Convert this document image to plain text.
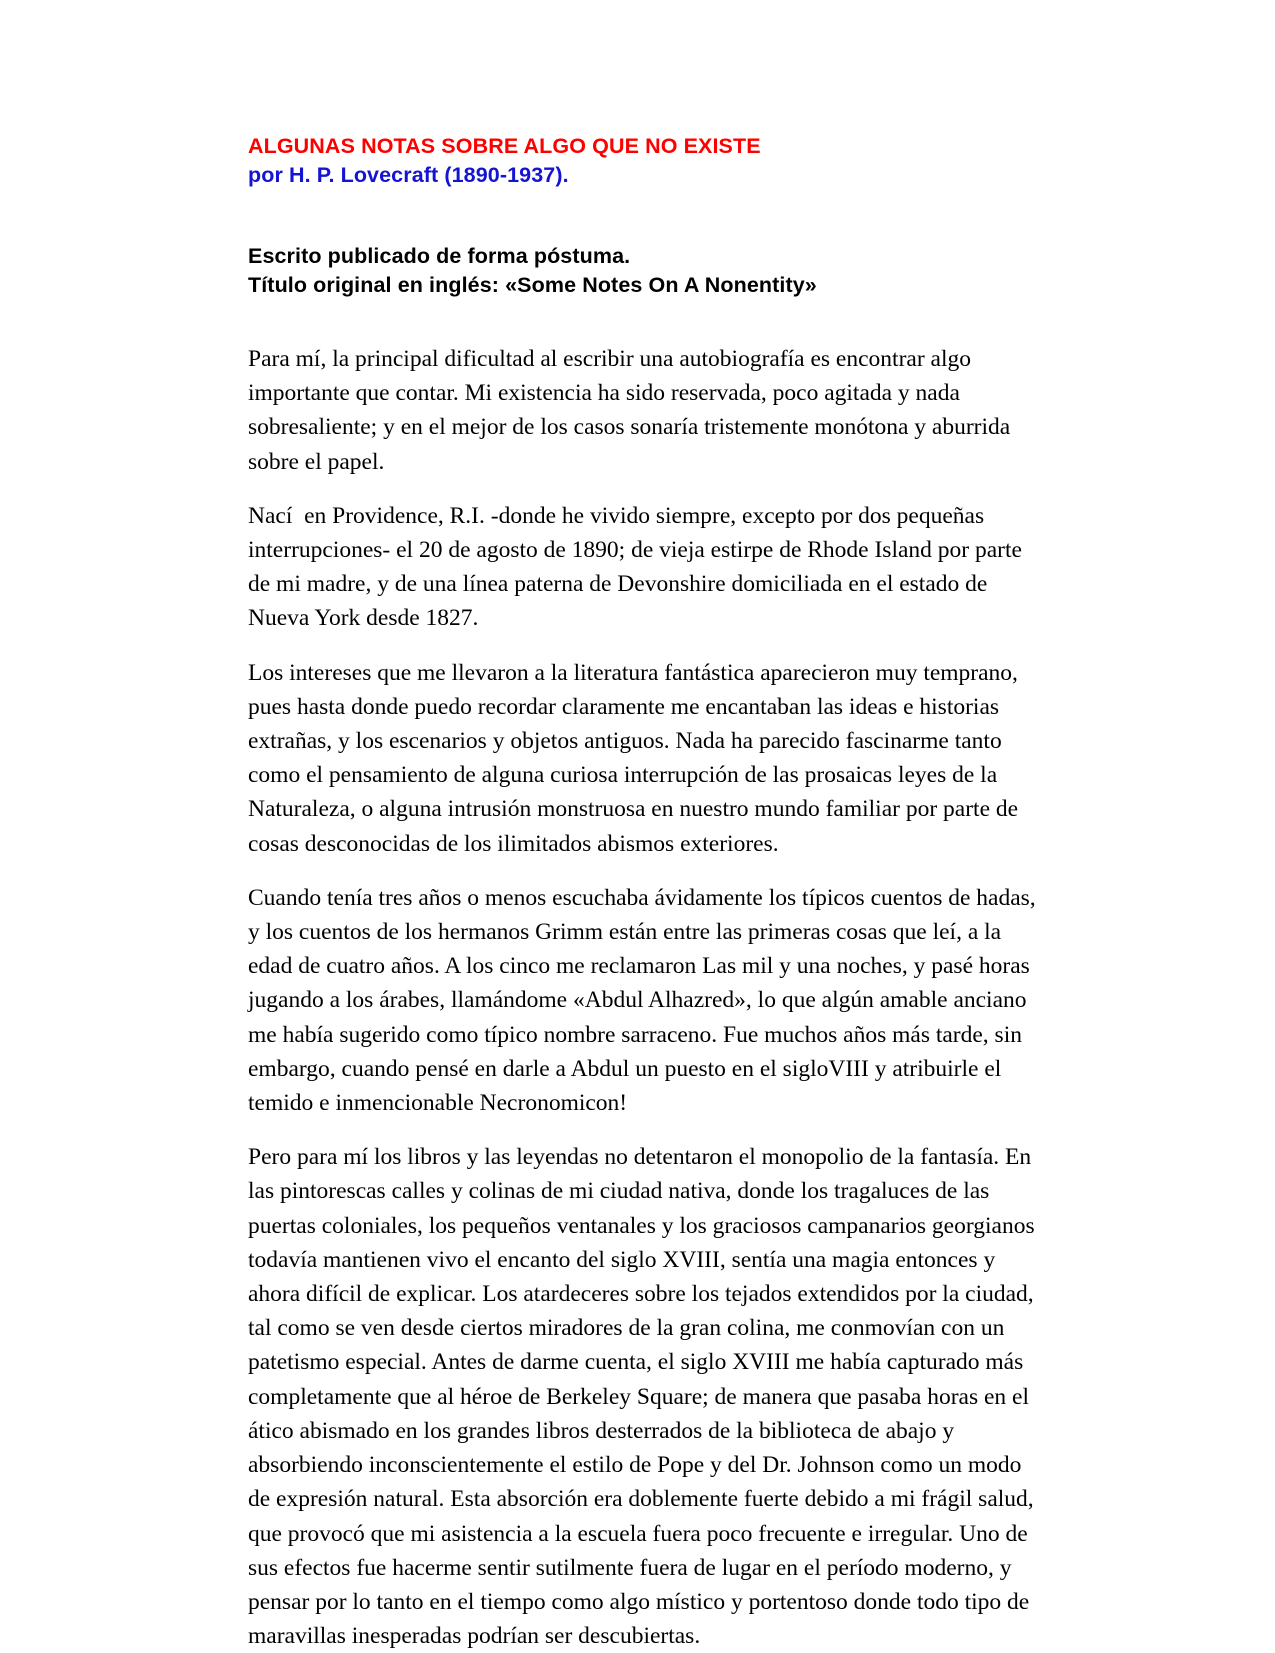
ALGUNAS NOTAS SOBRE ALGO QUE NO EXISTE
por H. P. Lovecraft (1890-1937).
Escrito publicado de forma póstuma.
Título original en inglés: «Some Notes On A Nonentity»

Para mí, la principal dificultad al escribir una autobiografía es encontrar algo importante que contar. Mi existencia ha sido reservada, poco agitada y nada sobresaliente; y en el mejor de los casos sonaría tristemente monótona y aburrida sobre el papel.

Nací  en Providence, R.I. -donde he vivido siempre, excepto por dos pequeñas interrupciones- el 20 de agosto de 1890; de vieja estirpe de Rhode Island por parte de mi madre, y de una línea paterna de Devonshire domiciliada en el estado de Nueva York desde 1827.

Los intereses que me llevaron a la literatura fantástica aparecieron muy temprano, pues hasta donde puedo recordar claramente me encantaban las ideas e historias extrañas, y los escenarios y objetos antiguos. Nada ha parecido fascinarme tanto como el pensamiento de alguna curiosa interrupción de las prosaicas leyes de la Naturaleza, o alguna intrusión monstruosa en nuestro mundo familiar por parte de cosas desconocidas de los ilimitados abismos exteriores.

Cuando tenía tres años o menos escuchaba ávidamente los típicos cuentos de hadas, y los cuentos de los hermanos Grimm están entre las primeras cosas que leí, a la edad de cuatro años. A los cinco me reclamaron Las mil y una noches, y pasé horas jugando a los árabes, llamándome «Abdul Alhazred», lo que algún amable anciano me había sugerido como típico nombre sarraceno. Fue muchos años más tarde, sin embargo, cuando pensé en darle a Abdul un puesto en el sigloVIII y atribuirle el temido e inmencionable Necronomicon!

Pero para mí los libros y las leyendas no detentaron el monopolio de la fantasía. En las pintorescas calles y colinas de mi ciudad nativa, donde los tragaluces de las puertas coloniales, los pequeños ventanales y los graciosos campanarios georgianos todavía mantienen vivo el encanto del siglo XVIII, sentía una magia entonces y ahora difícil de explicar. Los atardeceres sobre los tejados extendidos por la ciudad, tal como se ven desde ciertos miradores de la gran colina, me conmovían con un patetismo especial. Antes de darme cuenta, el siglo XVIII me había capturado más completamente que al héroe de Berkeley Square; de manera que pasaba horas en el ático abismado en los grandes libros desterrados de la biblioteca de abajo y absorbiendo inconscientemente el estilo de Pope y del Dr. Johnson como un modo de expresión natural. Esta absorción era doblemente fuerte debido a mi frágil salud, que provocó que mi asistencia a la escuela fuera poco frecuente e irregular. Uno de sus efectos fue hacerme sentir sutilmente fuera de lugar en el período moderno, y pensar por lo tanto en el tiempo como algo místico y portentoso donde todo tipo de maravillas inesperadas podrían ser descubiertas.
